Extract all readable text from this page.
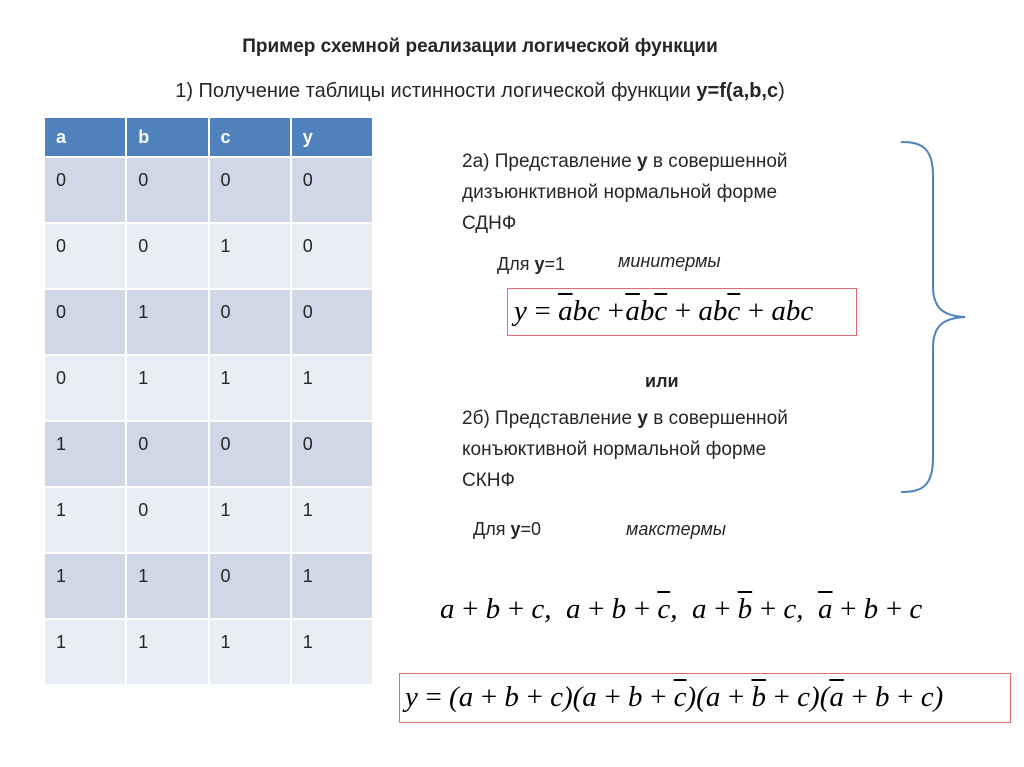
Пример схемной реализации логической функции
1) Получение таблицы истинности логической функции y=f(a,b,c)
a	b	c	y
0	0	0	0
0	0	1	0
0	1	0	0
0	1	1	1
1	0	0	0
1	0	1	1
1	1	0	1
1	1	1	1
2а) Представление y в совершенной
дизъюнктивной нормальной форме
СДНФ
Для y=1	минитермы
$y = \overline{a}bc +\overline{a}b\overline{c} + ab\overline{c}$ + abc
или
2б) Представление y в совершенной
конъюктивной нормальной форме
СКНФ
Для y=0	макстермы
a + b + c, $a + b + \overline{c}$, $a + \overline{b} + c$, $\overline{a} + b + c$
$y = (a + b + c)(a + b + \overline{c})(a + \overline{b} + c)(\overline{a} + b + c)$
